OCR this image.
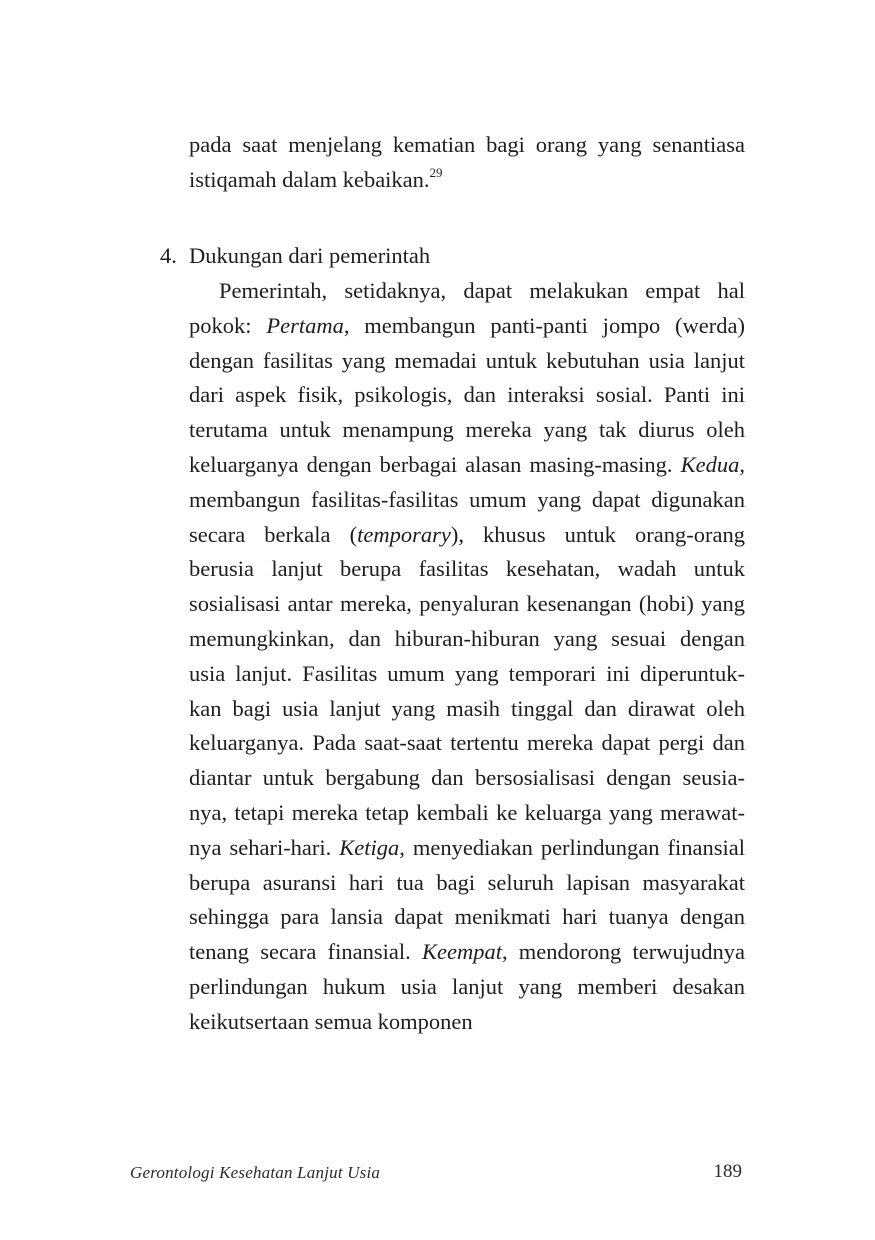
pada saat menjelang kematian bagi orang yang senantiasa istiqamah dalam kebaikan.$^{29}$

4. Dukungan dari pemerintah

Pemerintah, setidaknya, dapat melakukan empat hal pokok: Pertama, membangun panti-panti jompo (werda) dengan fasilitas yang memadai untuk kebutuhan usia lanjut dari aspek fisik, psikologis, dan interaksi sosial. Panti ini terutama untuk menampung mereka yang tak diurus oleh keluarganya dengan berbagai alasan masing-masing. Kedua, membangun fasilitas-fasilitas umum yang dapat digunakan secara berkala (temporary), khusus untuk orang-orang berusia lanjut berupa fasilitas kesehatan, wadah untuk sosialisasi antar mereka, penyaluran kesenangan (hobi) yang memungkinkan, dan hiburan-hiburan yang sesuai dengan usia lanjut. Fasilitas umum yang temporari ini diperuntuk-kan bagi usia lanjut yang masih tinggal dan dirawat oleh keluarganya. Pada saat-saat tertentu mereka dapat pergi dan diantar untuk bergabung dan bersosialisasi dengan seusia-nya, tetapi mereka tetap kembali ke keluarga yang merawat-nya sehari-hari. Ketiga, menyediakan perlindungan finansial berupa asuransi hari tua bagi seluruh lapisan masyarakat sehingga para lansia dapat menikmati hari tuanya dengan tenang secara finansial. Keempat, mendorong terwujudnya perlindungan hukum usia lanjut yang memberi desakan keikutsertaan semua komponen

Gerontologi Kesehatan Lanjut Usia	189
